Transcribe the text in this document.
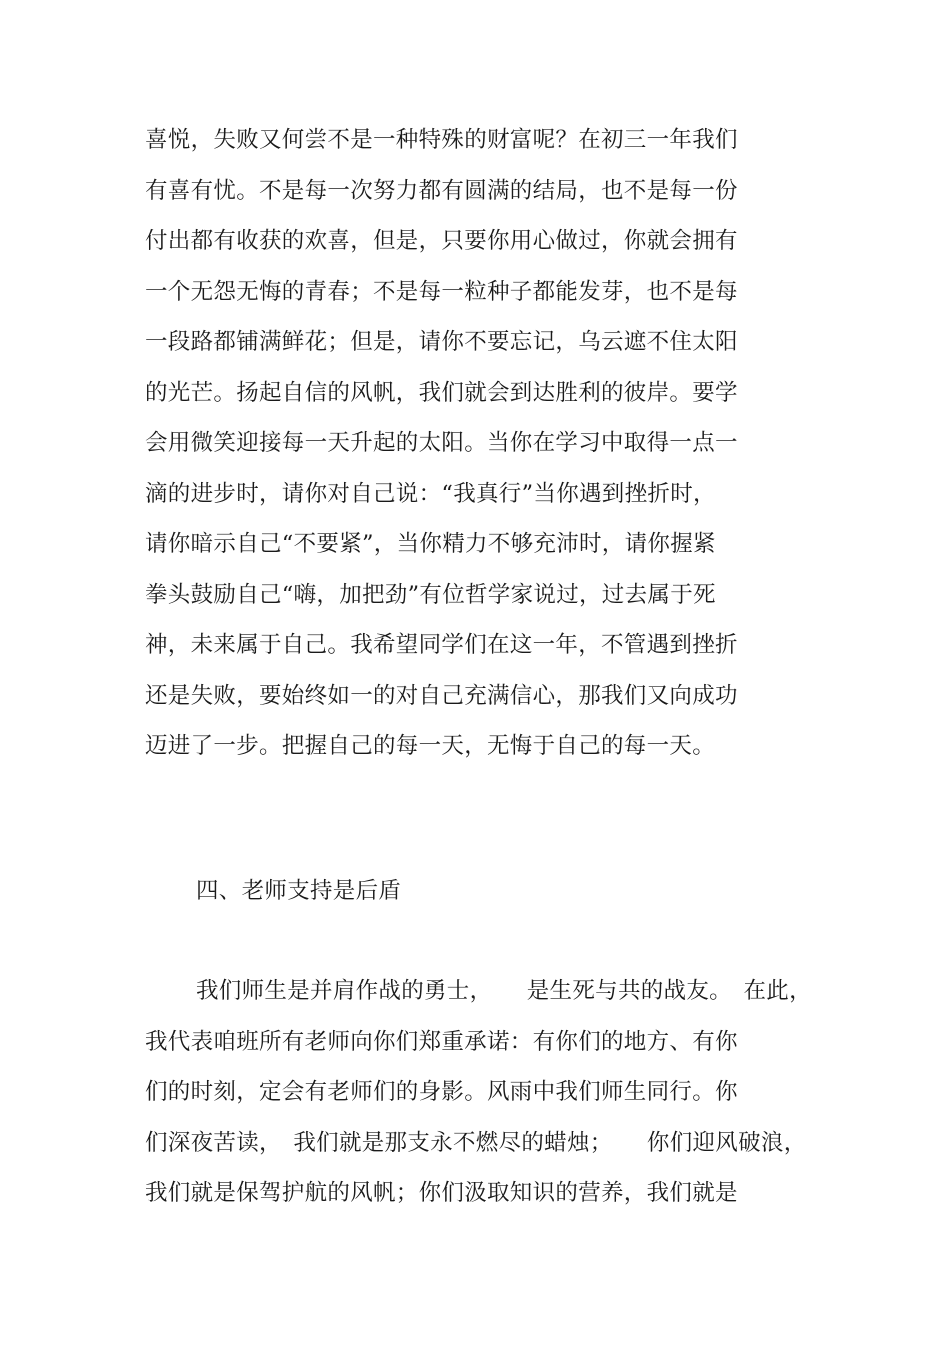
喜悦，失败又何尝不是一种特殊的财富呢？在初三一年我们
有喜有忧。不是每一次努力都有圆满的结局，也不是每一份
付出都有收获的欢喜，但是，只要你用心做过，你就会拥有
一个无怨无悔的青春；不是每一粒种子都能发芽，也不是每
一段路都铺满鲜花；但是，请你不要忘记，乌云遮不住太阳
的光芒。扬起自信的风帆，我们就会到达胜利的彼岸。要学
会用微笑迎接每一天升起的太阳。当你在学习中取得一点一
滴的进步时，请你对自己说：“我真行”当你遇到挫折时，
请你暗示自己“不要紧”，当你精力不够充沛时，请你握紧
拳头鼓励自己“嗨，加把劲”有位哲学家说过，过去属于死
神，未来属于自己。我希望同学们在这一年，不管遇到挫折
还是失败，要始终如一的对自己充满信心，那我们又向成功
迈进了一步。把握自己的每一天，无悔于自己的每一天。
四、老师支持是后盾
我们师生是并肩作战的勇士，　　是生死与共的战友。　在此，
我代表咱班所有老师向你们郑重承诺：有你们的地方、有你
们的时刻，定会有老师们的身影。风雨中我们师生同行。你
们深夜苦读，　我们就是那支永不燃尽的蜡烛；　　你们迎风破浪，
我们就是保驾护航的风帆；你们汲取知识的营养，我们就是
